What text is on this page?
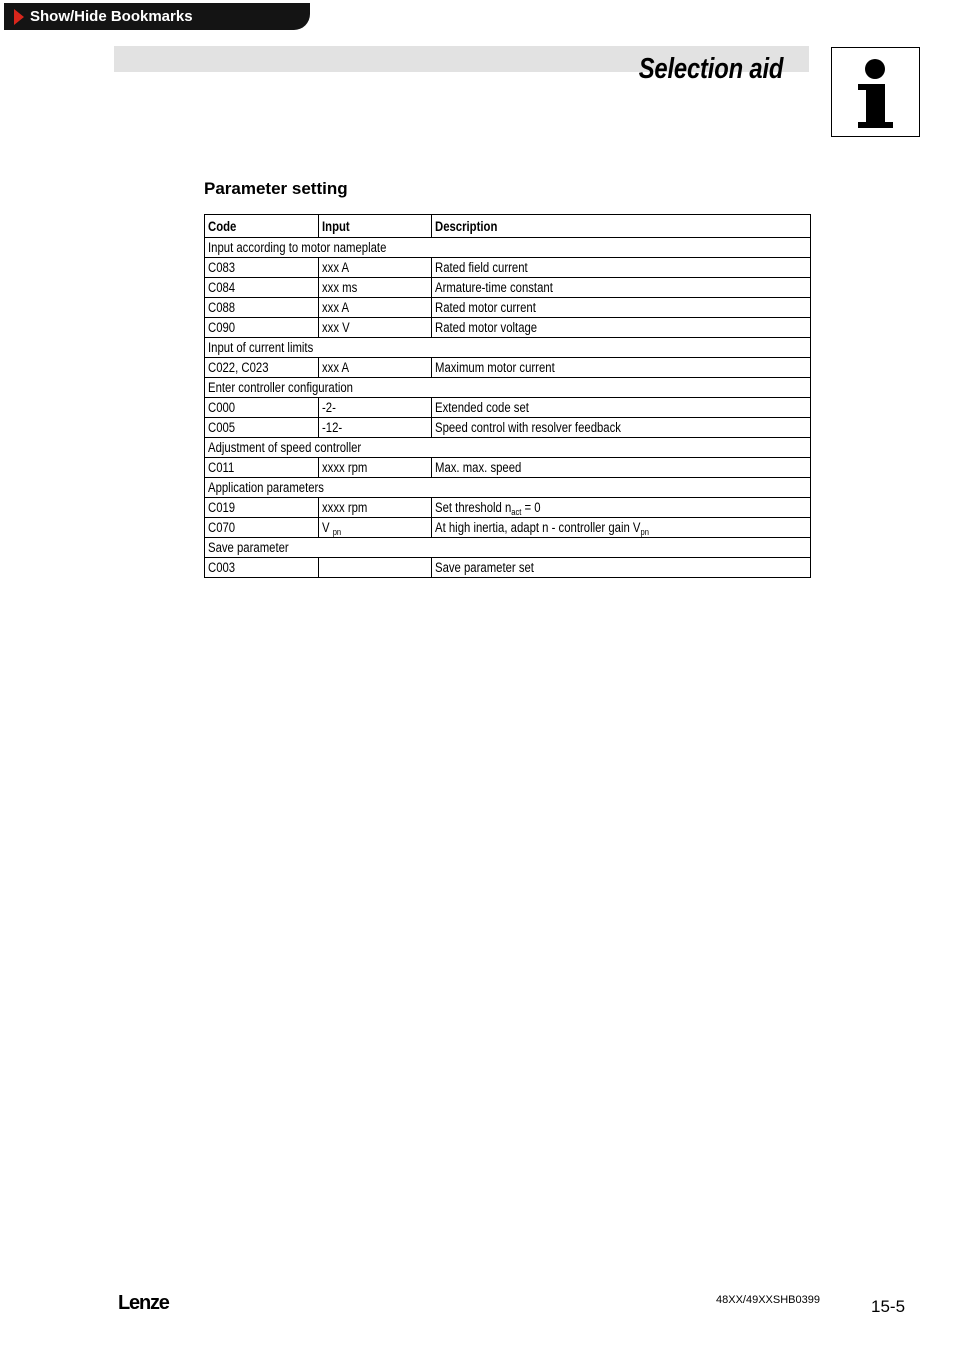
Show/Hide Bookmarks
Selection aid
Parameter setting
Code	Input	Description
Input according to motor nameplate		
C083	xxx A	Rated field current
C084	xxx ms	Armature-time constant
C088	xxx A	Rated motor current
C090	xxx V	Rated motor voltage
Input of current limits		
C022, C023	xxx A	Maximum motor current
Enter controller configuration		
C000	-2-	Extended code set
C005	-12-	Speed control with resolver feedback
Adjustment of speed controller		
C011	xxxx rpm	Max. max. speed
Application parameters		
C019	xxxx rpm	Set threshold $n_{act} = 0$
C070	V $_{pn}$	At high inertia, adapt n - controller gain $V_{pn}$
Save parameter		
C003		Save parameter set
Lenze	48XX/49XXSHB0399	15-5
